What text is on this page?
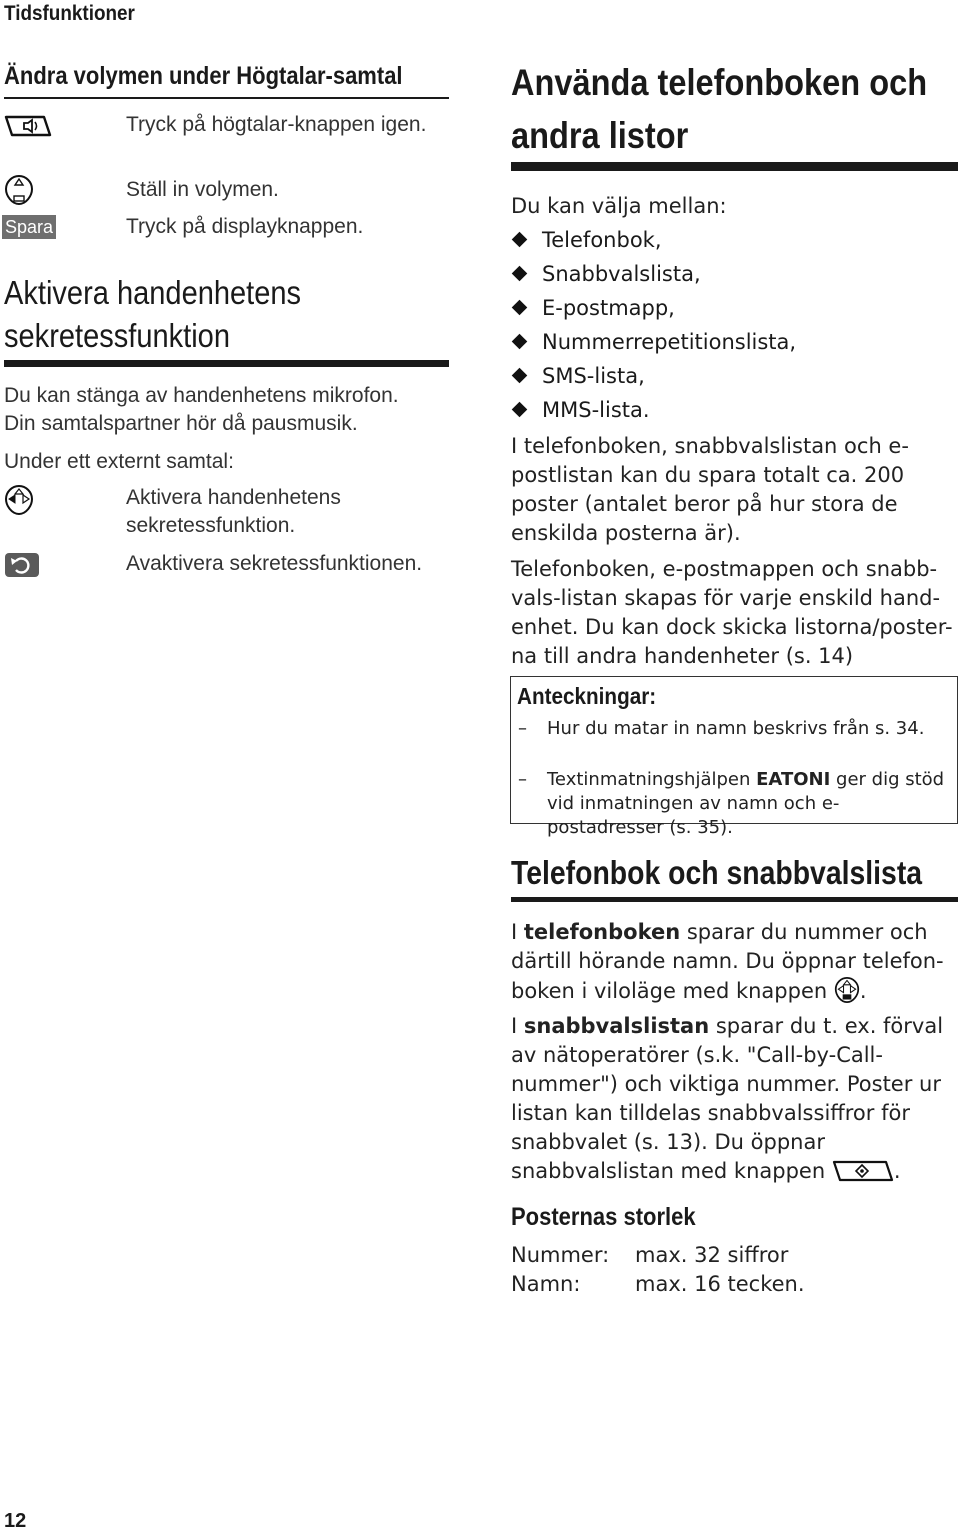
Tidsfunktioner
Ändra volymen under Högtalar-samtal
Tryck på högtalar-knappen igen.
Ställ in volymen.
Spara	Tryck på displayknappen.
Aktivera handenhetens
sekretessfunktion
Du kan stänga av handenhetens mikrofon.
Din samtalspartner hör då pausmusik.
Under ett externt samtal:
Aktivera handenhetens sekretessfunktion.
Avaktivera sekretessfunktionen.
Använda telefonboken och
andra listor
Du kan välja mellan:
Telefonbok,
Snabbvalslista,
E-postmapp,
Nummerrepetitionslista,
SMS-lista,
MMS-lista.
I telefonboken, snabbvalslistan och e-postlistan kan du spara totalt ca. 200 poster (antalet beror på hur stora de enskilda posterna är).
Telefonboken, e-postmappen och snabb-vals-listan skapas för varje enskild hand-enhet. Du kan dock skicka listorna/poster-na till andra handenheter (s. 14)
Anteckningar:
– Hur du matar in namn beskrivs från s. 34.
– Textinmatningshjälpen EATONI ger dig stöd vid inmatningen av namn och e-postadresser (s. 35).
Telefonbok och snabbvalslista
I telefonboken sparar du nummer och därtill hörande namn. Du öppnar telefon-boken i viloläge med knappen .
I snabbvalslistan sparar du t. ex. förval av nätoperatörer (s.k. "Call-by-Call-nummer") och viktiga nummer. Poster ur listan kan tilldelas snabbvalssiffror för snabbvalet (s. 13). Du öppnar snabbvalslistan med knappen	.
Posternas storlek
Nummer: max. 32 siffror
Namn:	max. 16 tecken.
12
